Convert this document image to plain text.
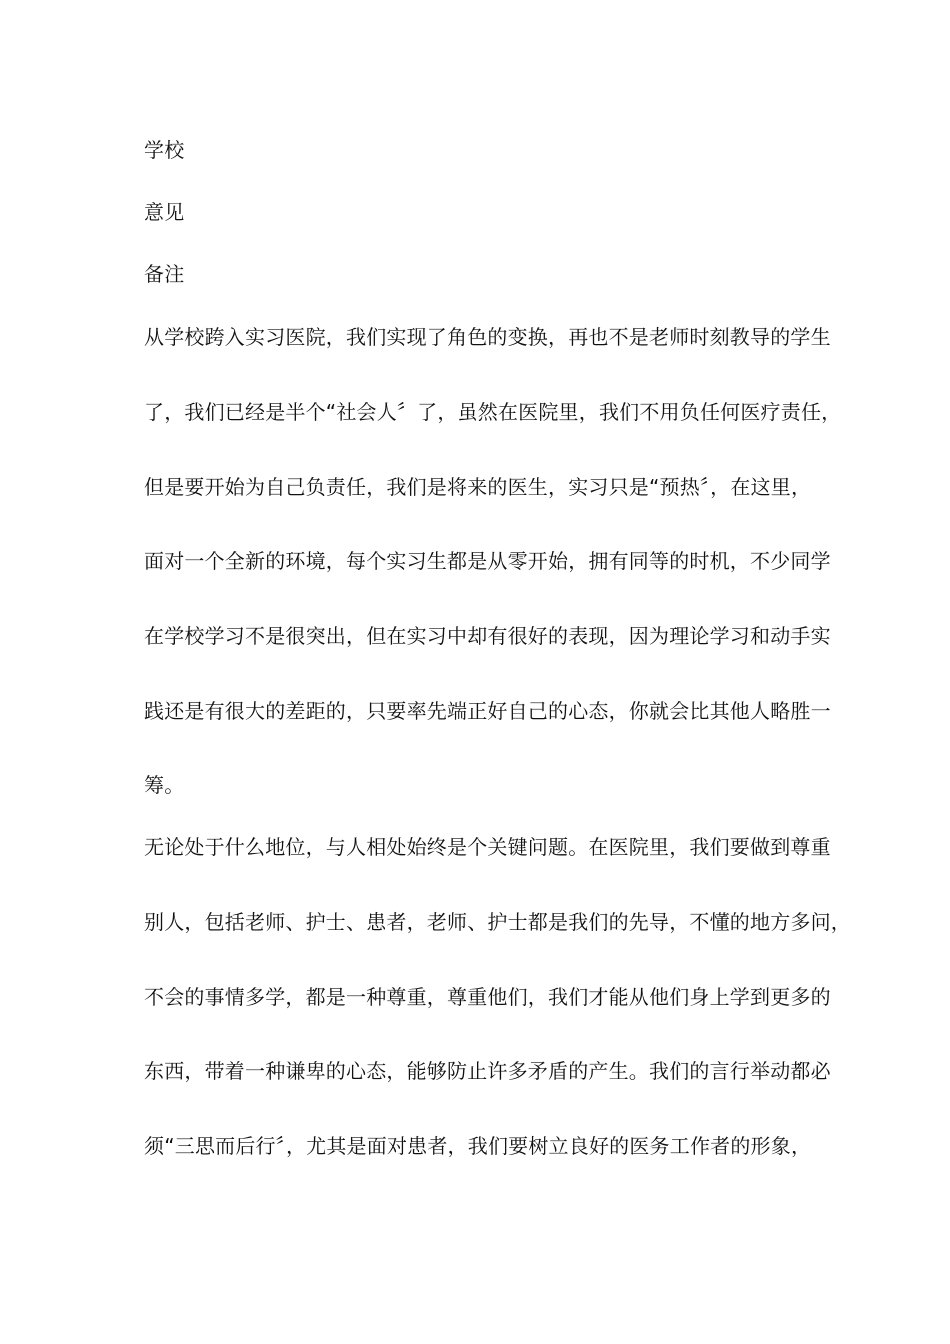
学校
意见
备注
从学校跨入实习医院，我们实现了角色的变换，再也不是老师时刻教导的学生
了，我们已经是半个“社会人〞了，虽然在医院里，我们不用负任何医疗责任，
但是要开始为自己负责任，我们是将来的医生，实习只是“预热〞，在这里，
面对一个全新的环境，每个实习生都是从零开始，拥有同等的时机，不少同学
在学校学习不是很突出，但在实习中却有很好的表现，因为理论学习和动手实
践还是有很大的差距的，只要率先端正好自己的心态，你就会比其他人略胜一
筹。
无论处于什么地位，与人相处始终是个关键问题。在医院里，我们要做到尊重
别人，包括老师、护士、患者，老师、护士都是我们的先导，不懂的地方多问，
不会的事情多学，都是一种尊重，尊重他们，我们才能从他们身上学到更多的
东西，带着一种谦卑的心态，能够防止许多矛盾的产生。我们的言行举动都必
须“三思而后行〞，尤其是面对患者，我们要树立良好的医务工作者的形象，
